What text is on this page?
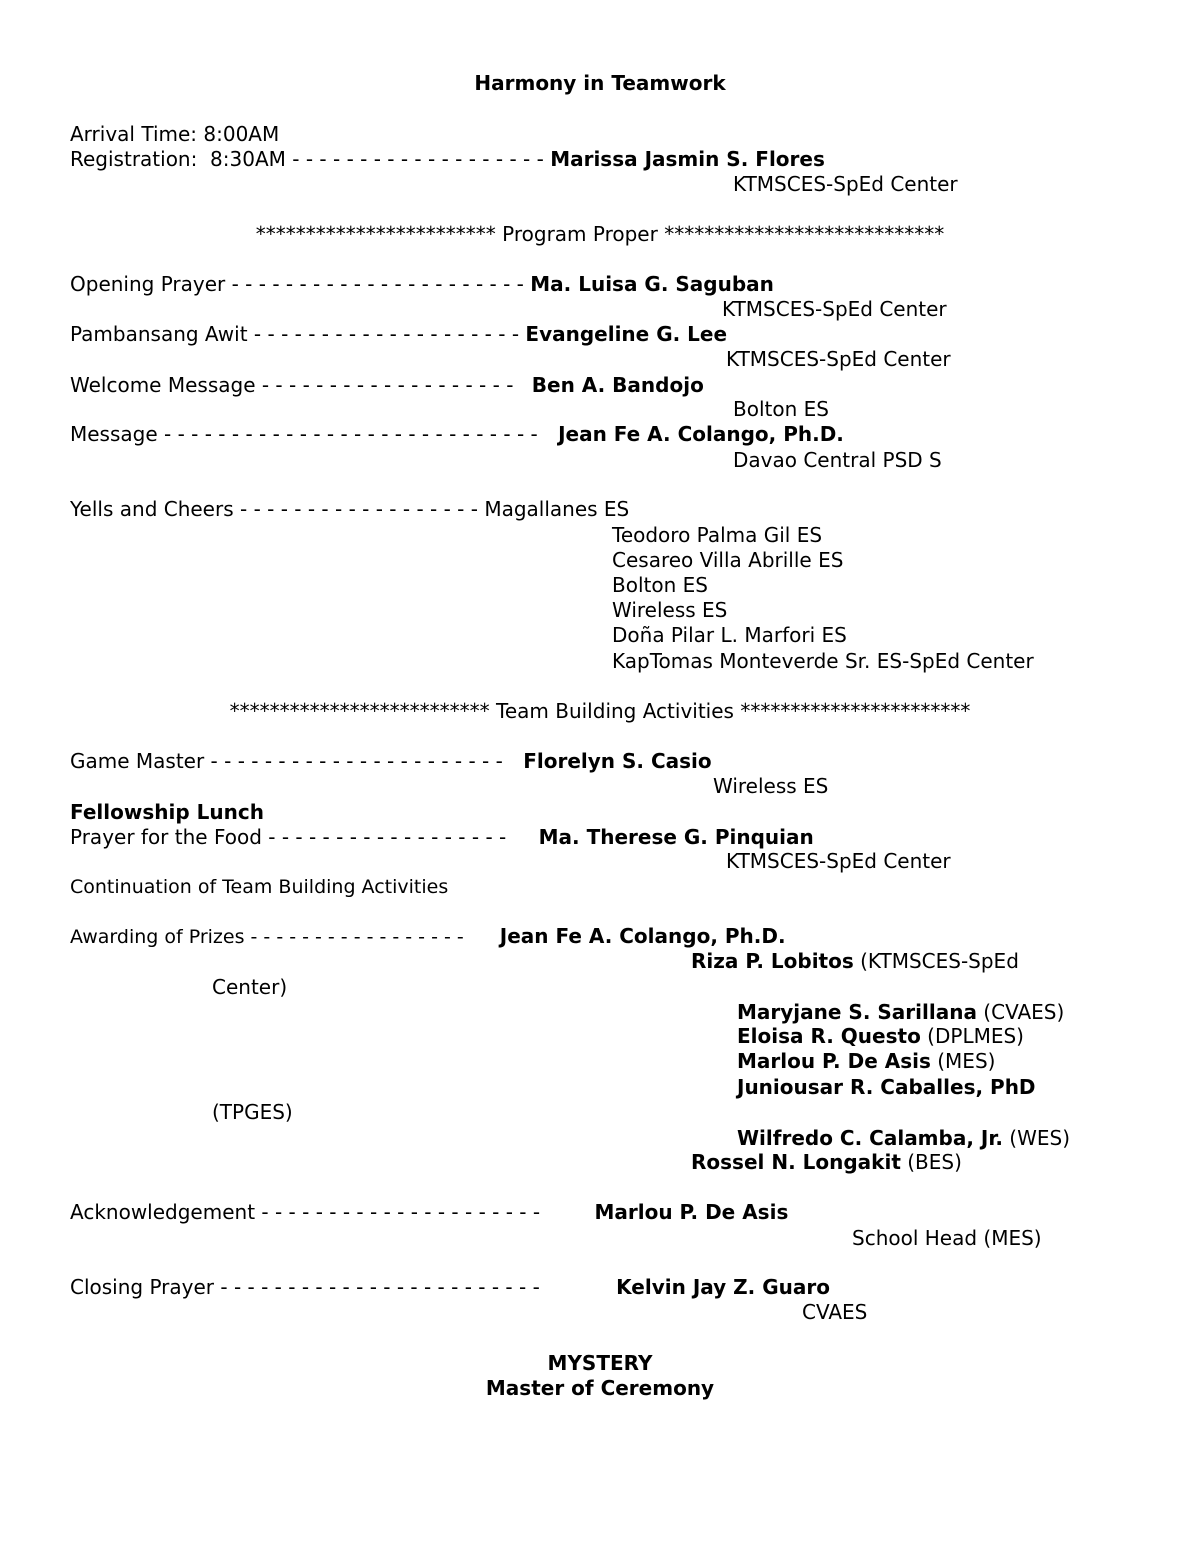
Harmony in Teamwork
Arrival Time: 8:00AM
Registration:  8:30AM - - - - - - - - - - - - - - - - - - - Marissa Jasmin S. Flores
KTMSCES-SpEd Center
************************ Program Proper ****************************
Opening Prayer - - - - - - - - - - - - - - - - - - - - - - Ma. Luisa G. Saguban
KTMSCES-SpEd Center
Pambansang Awit - - - - - - - - - - - - - - - - - - - - Evangeline G. Lee
KTMSCES-SpEd Center
Welcome Message - - - - - - - - - - - - - - - - - - - Ben A. Bandojo
Bolton ES
Message - - - - - - - - - - - - - - - - - - - - - - - - - - - - Jean Fe A. Colango, Ph.D.
Davao Central PSD S
Yells and Cheers - - - - - - - - - - - - - - - - - - Magallanes ES
Teodoro Palma Gil ES
Cesareo Villa Abrille ES
Bolton ES
Wireless ES
Doña Pilar L. Marfori ES
KapTomas Monteverde Sr. ES-SpEd Center
************************** Team Building Activities ***********************
Game Master - - - - - - - - - - - - - - - - - - - - - - Florelyn S. Casio
Wireless ES
Fellowship Lunch
Prayer for the Food - - - - - - - - - - - - - - - - - - Ma. Therese G. Pinquian
KTMSCES-SpEd Center
Continuation of Team Building Activities
Awarding of Prizes - - - - - - - - - - - - - - - - - Jean Fe A. Colango, Ph.D.
Riza P. Lobitos (KTMSCES-SpEd
Center)
Maryjane S. Sarillana (CVAES)
Eloisa R. Questo (DPLMES)
Marlou P. De Asis (MES)
Juniousar R. Caballes, PhD
(TPGES)
Wilfredo C. Calamba, Jr. (WES)
Rossel N. Longakit (BES)
Acknowledgement - - - - - - - - - - - - - - - - - - - - - Marlou P. De Asis
School Head (MES)
Closing Prayer - - - - - - - - - - - - - - - - - - - - - - - -	Kelvin Jay Z. Guaro
CVAES
MYSTERY
Master of Ceremony
